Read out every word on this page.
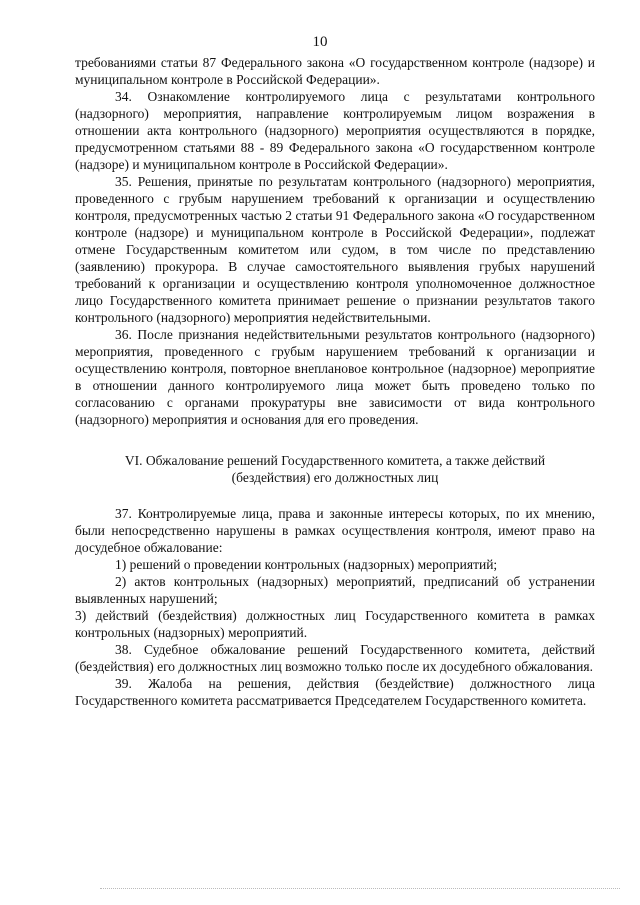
10

требованиями статьи 87 Федерального закона «О государственном контроле (надзоре) и муниципальном контроле в Российской Федерации».

34. Ознакомление контролируемого лица с результатами контрольного (надзорного) мероприятия, направление контролируемым лицом возражения в отношении акта контрольного (надзорного) мероприятия осуществляются в порядке, предусмотренном статьями 88 - 89 Федерального закона «О государственном контроле (надзоре) и муниципальном контроле в Российской Федерации».

35. Решения, принятые по результатам контрольного (надзорного) мероприятия, проведенного с грубым нарушением требований к организации и осуществлению контроля, предусмотренных частью 2 статьи 91 Федерального закона «О государственном контроле (надзоре) и муниципальном контроле в Российской Федерации», подлежат отмене Государственным комитетом или судом, в том числе по представлению (заявлению) прокурора. В случае самостоятельного выявления грубых нарушений требований к организации и осуществлению контроля уполномоченное должностное лицо Государственного комитета принимает решение о признании результатов такого контрольного (надзорного) мероприятия недействительными.

36. После признания недействительными результатов контрольного (надзорного) мероприятия, проведенного с грубым нарушением требований к организации и осуществлению контроля, повторное внеплановое контрольное (надзорное) мероприятие в отношении данного контролируемого лица может быть проведено только по согласованию с органами прокуратуры вне зависимости от вида контрольного (надзорного) мероприятия и основания для его проведения.

VI. Обжалование решений Государственного комитета, а также действий
(бездействия) его должностных лиц

37. Контролируемые лица, права и законные интересы которых, по их мнению, были непосредственно нарушены в рамках осуществления контроля, имеют право на досудебное обжалование:

1) решений о проведении контрольных (надзорных) мероприятий;

2) актов контрольных (надзорных) мероприятий, предписаний об устранении выявленных нарушений;

3) действий (бездействия) должностных лиц Государственного комитета в рамках контрольных (надзорных) мероприятий.

38. Судебное обжалование решений Государственного комитета, действий (бездействия) его должностных лиц возможно только после их досудебного обжалования.

39. Жалоба на решения, действия (бездействие) должностного лица Государственного комитета рассматривается Председателем Государственного комитета.
